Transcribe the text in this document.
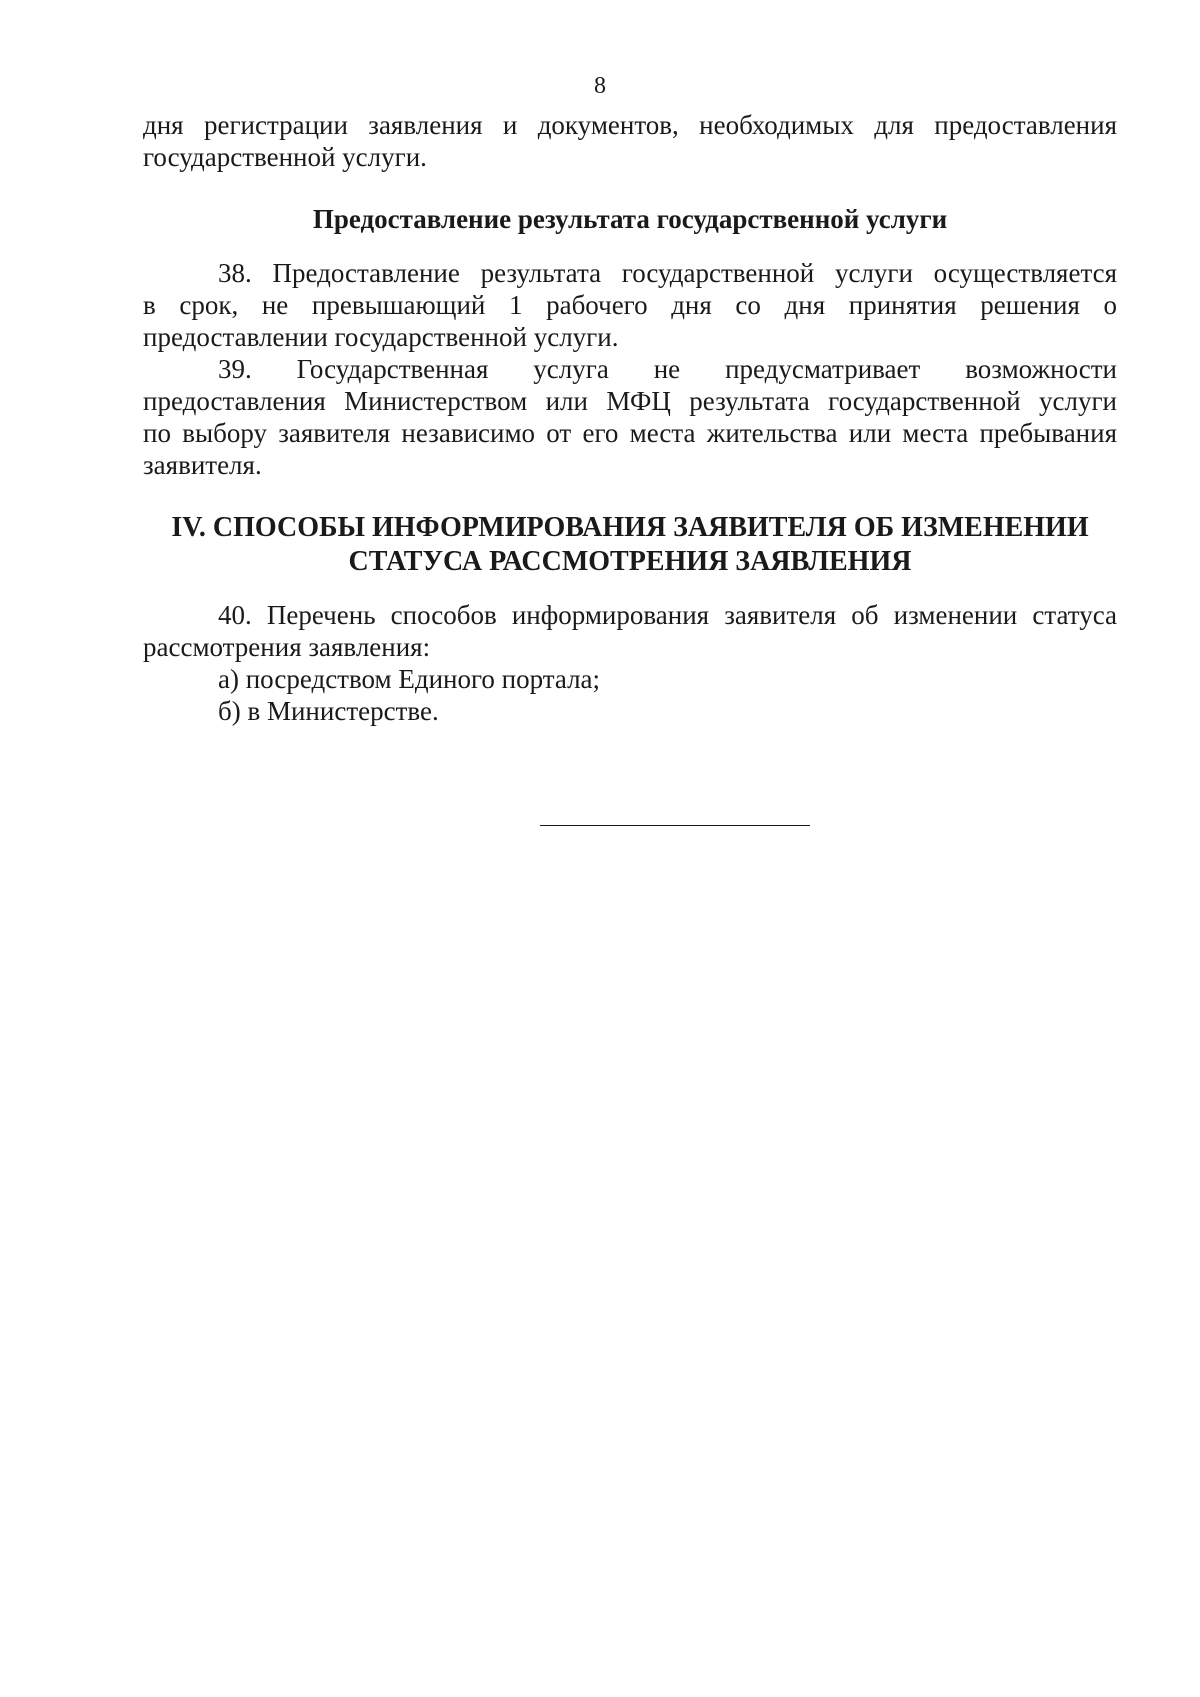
8
дня регистрации заявления и документов, необходимых для предоставления
государственной услуги.
Предоставление результата государственной услуги
38. Предоставление результата государственной услуги осуществляется
в срок, не превышающий 1 рабочего дня со дня принятия решения о
предоставлении государственной услуги.
39. Государственная услуга не предусматривает возможности
предоставления Министерством или МФЦ результата государственной услуги
по выбору заявителя независимо от его места жительства или места пребывания
заявителя.
IV. СПОСОБЫ ИНФОРМИРОВАНИЯ ЗАЯВИТЕЛЯ ОБ ИЗМЕНЕНИИ
СТАТУСА РАССМОТРЕНИЯ ЗАЯВЛЕНИЯ
40. Перечень способов информирования заявителя об изменении статуса
рассмотрения заявления:
а) посредством Единого портала;
б) в Министерстве.
